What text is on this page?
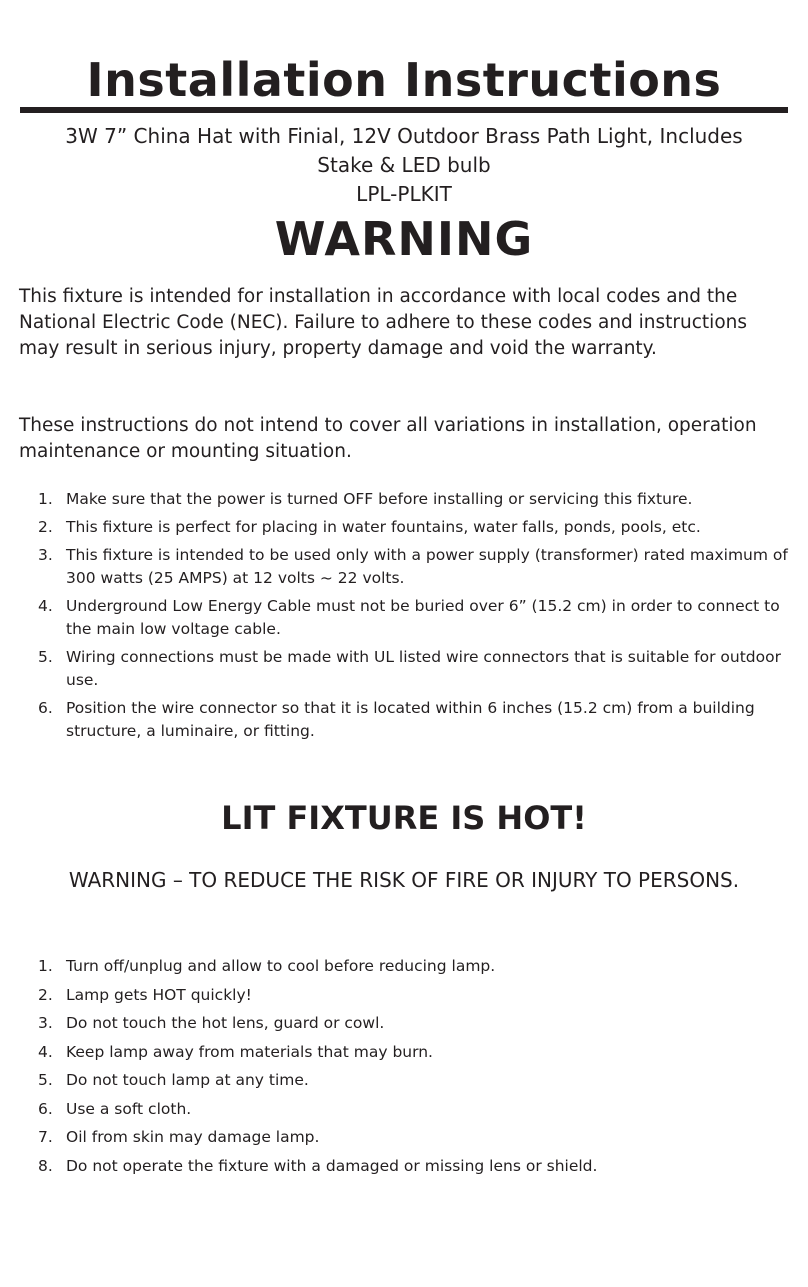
Installation Instructions
3W 7” China Hat with Finial, 12V Outdoor Brass Path Light, Includes
Stake & LED bulb
LPL-PLKIT
WARNING

This fixture is intended for installation in accordance with local codes and the National Electric Code (NEC). Failure to adhere to these codes and instructions may result in serious injury, property damage and void the warranty.

These instructions do not intend to cover all variations in installation, operation maintenance or mounting situation.

1. Make sure that the power is turned OFF before installing or servicing this fixture.
2. This fixture is perfect for placing in water fountains, water falls, ponds, pools, etc.
3. This fixture is intended to be used only with a power supply (transformer) rated maximum of 300 watts (25 AMPS) at 12 volts ~ 22 volts.
4. Underground Low Energy Cable must not be buried over 6” (15.2 cm) in order to connect to the main low voltage cable.
5. Wiring connections must be made with UL listed wire connectors that is suitable for outdoor use.
6. Position the wire connector so that it is located within 6 inches (15.2 cm) from a building structure, a luminaire, or fitting.
LIT FIXTURE IS HOT!

WARNING – TO REDUCE THE RISK OF FIRE OR INJURY TO PERSONS.

1. Turn off/unplug and allow to cool before reducing lamp.
2. Lamp gets HOT quickly!
3. Do not touch the hot lens, guard or cowl.
4. Keep lamp away from materials that may burn.
5. Do not touch lamp at any time.
6. Use a soft cloth.
7. Oil from skin may damage lamp.
8. Do not operate the fixture with a damaged or missing lens or shield.
